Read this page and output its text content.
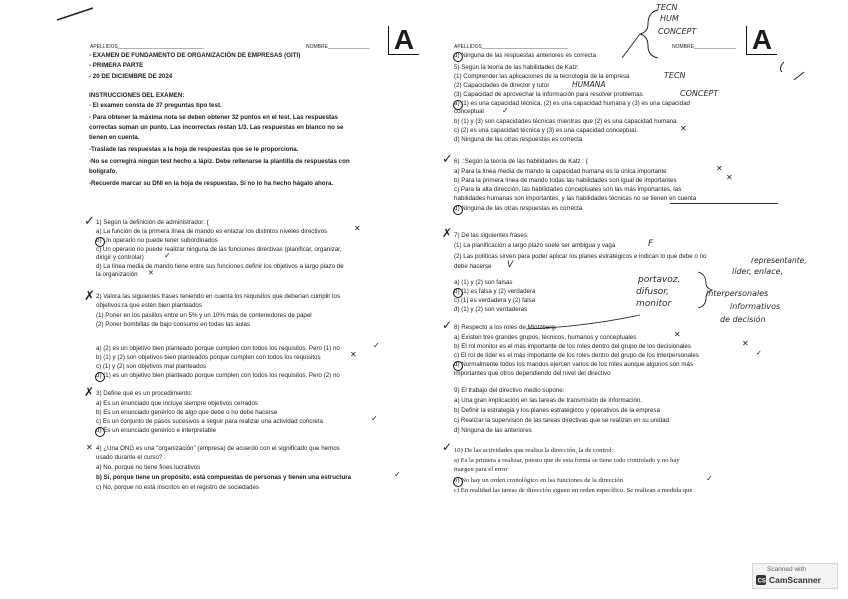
APELLIDOS_______________________________	NOMBRE_______________ A
- EXAMEN DE FUNDAMENTO DE ORGANIZACIÓN DE EMPRESAS (GITI)
- PRIMERA PARTE
- 20 DE DICIEMBRE DE 2024
INSTRUCCIONES DEL EXAMEN:
- El examen consta de 37 preguntas tipo test.
- Para obtener la máxima nota se deben obtener 32 puntos en el test. Las respuestas
correctas suman un punto. Las incorrectas restan 1/3. Las respuestas en blanco no se
tienen en cuenta.
-Traslade las respuestas a la hoja de respuestas que se le proporciona.
-No se corregirá ningún test hecho a lápiz. Debe rellenarse la plantilla de respuestas con
bolígrafo.
-Recuerde marcar su DNI en la hoja de respuestas. Si no lo ha hecho hágalo ahora.
✓ 1) Según la definición de administrador: {
a) La función de la primera línea de mando es enlazar los distintos niveles directivos	✕
b) Un operario no puede tener subordinados
c) Un operario no puede realizar ninguna de las funciones directivas (planificar, organizar,
dirigir y controlar)	✓
d) La línea media de mando tiene entre sus funciones definir los objetivos a largo plazo de
la organización ✕
✗ 2) Valora las siguientes frases teniendo en cuenta los requisitos que deberían cumplir los
objetivos:ra que estén bien planteados
(1) Poner en los pasillos entre un 5% y un 10% más de contenedores de papel
(2) Poner bombillas de bajo consumo en todas las aulas
a) (2) es un objetivo bien planteado porque cumplen con todos los requisitos. Pero (1) no	✓
b) (1) y (2) son objetivos bien planteados porque cumplen con todos los requisitos	✕
c) (1) y (2) son objetivos mal planteados
d) (1) es un objetivo bien planteado porque cumplen con todos los requisitos. Pero (2) no
✗ 3) Define qué es un procedimiento:
a) Es un enunciado que incluye siempre objetivos cerrados
b) Es un enunciado genérico de algo que debe o no debe hacerse
c) Es un conjunto de pasos sucesivos a seguir para realizar una actividad concreta	✓
d) Es un enunciado genérico e interpretable
✕ 4) ¿Una ONG es una "organización" (empresa) de acuerdo con el significado que hemos
usado durante el curso? :
a) No, porque no tiene fines lucrativos
b) Sí, porque tiene un propósito, está compuestas de personas y tienen una estructura	✓
c) No, porque no está inscritos en el registro de sociedades
APELLIDOS_______________________________	NOMBRE_______________ A
TECN
HUM
CONCEPT
d) Ninguna de las respuestas anteriores es correcta
5) Según la teoría de las habilidades de Katz:
(1) Comprender las aplicaciones de la tecnología de la empresa	TECN
(2) Capacidades de director y tutor	HUMANA
(3) Capacidad de aprovechar la información para resolver problemas	CONCEPT
a) (1) es una capacidad técnica, (2) es una capacidad humana y (3) es una capacidad
conceptual ✓
b) (1) y (3) son capacidades técnicas mientras que (2) es una capacidad humana
c) (2) es una capacidad técnica y (3) es una capacidad conceptual.	✕
d) Ninguna de las otras respuestas es correcta
✓ 6) ::Según la teoría de las habilidades de Katz : {
a) Para la línea media de mando la capacidad humana es la única importante	✕
b) Para la primera línea de mando todas las habilidades son igual de importantes	✕
c) Para la alta dirección, las habilidades conceptuales son las más importantes, las
habilidades humanas son importantes, y las habilidades técnicas no se tienen en cuenta
d) Ninguna de las otras respuestas es correcta
✗ 7) De las siguientes frases:
(1) La planificación a largo plazo suele ser ambigua y vaga	F
(2) Las políticas sirven para poder aplicar los planes estratégicos e indican lo que debe o no
debe hacerse V
a) (1) y (2) son falsas
b) (1) es falsa y (2) verdadera
c) (1) es verdadera y (2) falsa
d) (1) y (2) son verdaderas
portavoz,
difusor,
monitor
representante,
líder, enlace,
interpersonales
informativos
de decisión
✓ 8) Respecto a los roles de Mintzberg:
a) Existen tres grandes grupos, técnicos, humanos y conceptuales	✕
b) El rol monitor es el más importante de los roles dentro del grupo de los decisionales	✕
c) El rol de líder es el más importante de los roles dentro del grupo de los interpersonales	✓
d) Normalmente todos los mandos ejercen varios de los roles aunque algunos son más
importantes que otros dependiendo del nivel del directivo
9) El trabajo del directivo medio supone:
a) Una gran implicación en las tareas de transmisión de información.
b) Definir la estrategia y los planes estratégicos y operativos de la empresa
c) Realizar la supervisión de las tareas directivas que se realizan en su unidad
d) Ninguna de las anteriores
✓ 10) De las actividades que realiza la dirección, la de control:
a) Es la primera a realizar, puesto que de esta forma se tiene todo controlado y no hay
margen para el error
b) No hay un orden cronológico en las funciones de la dirección	✓
c) En realidad las tareas de dirección siguen un orden específico. Se realizan a medida que
Scanned with
CS CamScanner
